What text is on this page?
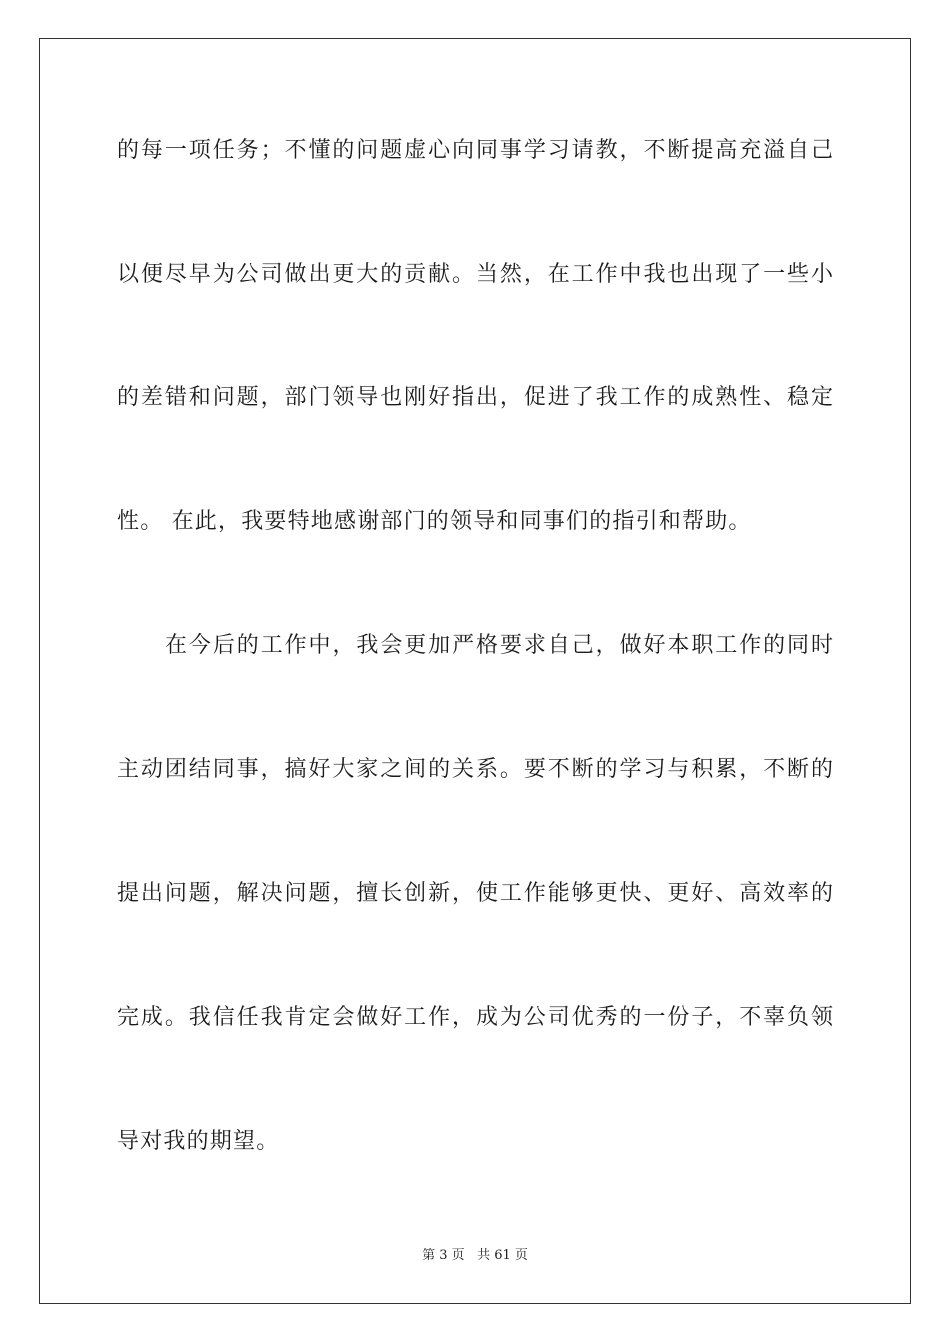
的每一项任务；不懂的问题虚心向同事学习请教，不断提高充溢自己
以便尽早为公司做出更大的贡献。当然，在工作中我也出现了一些小
的差错和问题，部门领导也刚好指出，促进了我工作的成熟性、稳定
性。 在此，我要特地感谢部门的领导和同事们的指引和帮助。
在今后的工作中，我会更加严格要求自己，做好本职工作的同时
主动团结同事，搞好大家之间的关系。要不断的学习与积累，不断的
提出问题，解决问题，擅长创新，使工作能够更快、更好、高效率的
完成。我信任我肯定会做好工作，成为公司优秀的一份子，不辜负领
导对我的期望。
第 3 页 共 61 页
